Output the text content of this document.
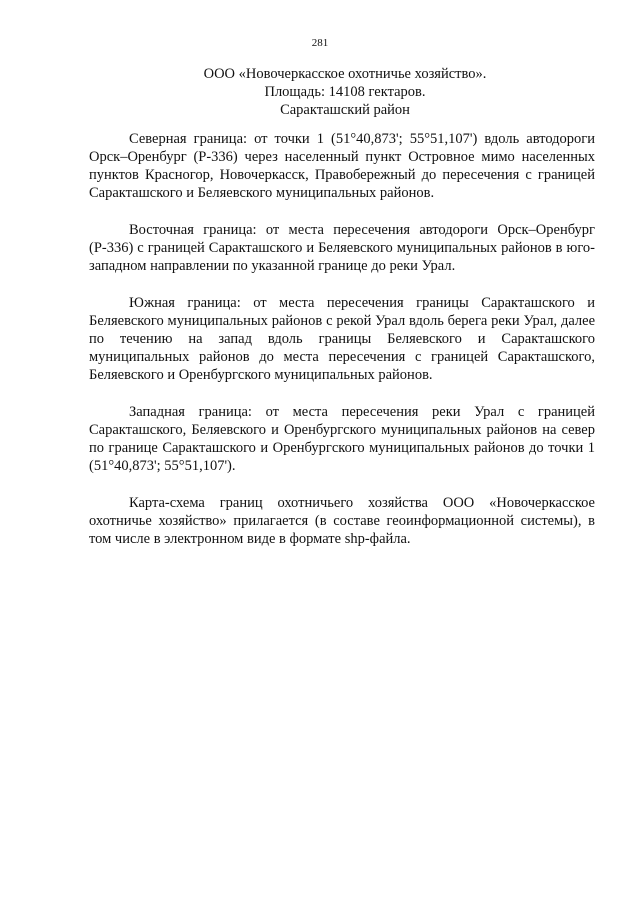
281
ООО «Новочеркасское охотничье хозяйство».
Площадь: 14108 гектаров.
Саракташский район

Северная граница: от точки 1 (51°40,873'; 55°51,107') вдоль автодороги Орск–Оренбург (Р-336) через населенный пункт Островное мимо населенных пунктов Красногор, Новочеркасск, Правобережный до пересечения с границей Саракташского и Беляевского муниципальных районов.

Восточная граница: от места пересечения автодороги Орск–Оренбург (Р-336) с границей Саракташского и Беляевского муниципальных районов в юго-западном направлении по указанной границе до реки Урал.

Южная граница: от места пересечения границы Саракташского и Беляевского муниципальных районов с рекой Урал вдоль берега реки Урал, далее по течению на запад вдоль границы Беляевского и Саракташского муниципальных районов до места пересечения с границей Саракташского, Беляевского и Оренбургского муниципальных районов.

Западная граница: от места пересечения реки Урал с границей Саракташского, Беляевского и Оренбургского муниципальных районов на север по границе Саракташского и Оренбургского муниципальных районов до точки 1 (51°40,873'; 55°51,107').

Карта-схема границ охотничьего хозяйства ООО «Новочеркасское охотничье хозяйство» прилагается (в составе геоинформационной системы), в том числе в электронном виде в формате shp-файла.
